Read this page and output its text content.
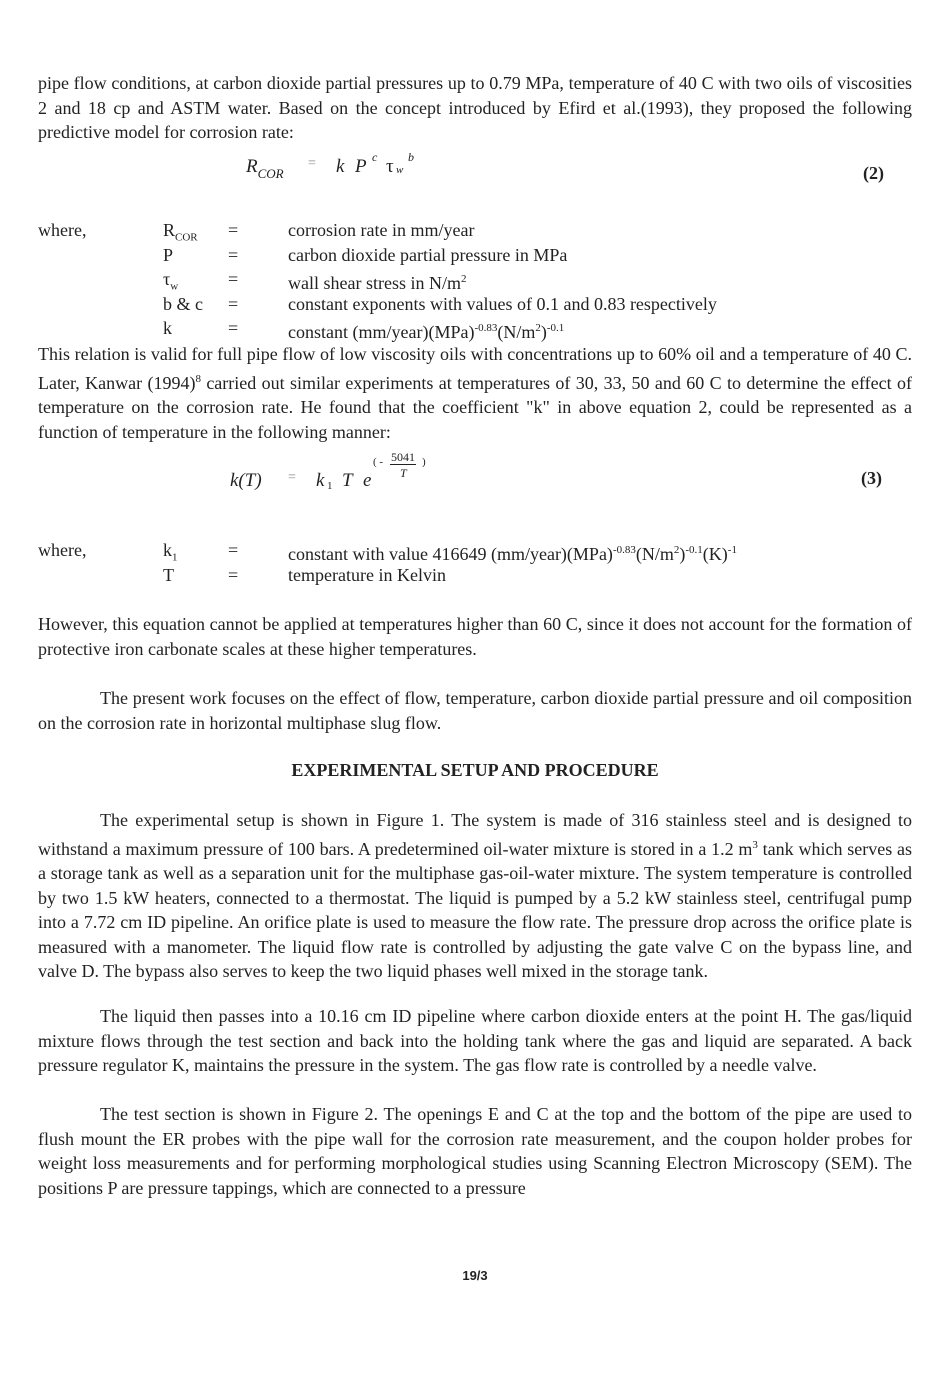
pipe flow conditions, at carbon dioxide partial pressures up to 0.79 MPa, temperature of 40 C with two oils of viscosities 2 and 18 cp and ASTM water. Based on the concept introduced by Efird et al.(1993), they proposed the following predictive model for corrosion rate:

$R_{COR}$
= k P c τ w
b
(2)
where,	$R_{COR}$ =	corrosion rate in mm/year
P	=	carbon dioxide partial pressure in MPa
$\tau_w$	=	wall shear stress in $N/m^2$
b & c =	constant exponents with values of 0.1 and 0.83 respectively
k	=	constant $(mm/year)(MPa)^{-0.83}(N/m^2)^{-0.1}$

This relation is valid for full pipe flow of low viscosity oils with concentrations up to 60% oil and a temperature of 40 C. Later, Kanwar $(1994)^8$ carried out similar experiments at temperatures of 30, 33, 50 and 60 C to determine the effect of temperature on the corrosion rate. He found that the coefficient "k" in above equation 2, could be represented as a function of temperature in the following manner:

k(T) = k 1 T e
( - 5041 )
T	(3)
where,	$k_1$	=	constant with value 416649 $(mm/year)(MPa)^{-0.83}(N/m^2)^{-0.1}(K)^{-1}$
T	=	temperature in Kelvin

However, this equation cannot be applied at temperatures higher than 60 C, since it does not account for the formation of protective iron carbonate scales at these higher temperatures.

The present work focuses on the effect of flow, temperature, carbon dioxide partial pressure and oil composition on the corrosion rate in horizontal multiphase slug flow.

EXPERIMENTAL SETUP AND PROCEDURE

The experimental setup is shown in Figure 1. The system is made of 316 stainless steel and is designed to withstand a maximum pressure of 100 bars. A predetermined oil-water mixture is stored in a 1.2 $m^3$ tank which serves as a storage tank as well as a separation unit for the multiphase gas-oil-water mixture. The system temperature is controlled by two 1.5 kW heaters, connected to a thermostat. The liquid is pumped by a 5.2 kW stainless steel, centrifugal pump into a 7.72 cm ID pipeline. An orifice plate is used to measure the flow rate. The pressure drop across the orifice plate is measured with a manometer. The liquid flow rate is controlled by adjusting the gate valve C on the bypass line, and valve D. The bypass also serves to keep the two liquid phases well mixed in the storage tank.

The liquid then passes into a 10.16 cm ID pipeline where carbon dioxide enters at the point H. The gas/liquid mixture flows through the test section and back into the holding tank where the gas and liquid are separated. A back pressure regulator K, maintains the pressure in the system. The gas flow rate is controlled by a needle valve.

The test section is shown in Figure 2. The openings E and C at the top and the bottom of the pipe are used to flush mount the ER probes with the pipe wall for the corrosion rate measurement, and the coupon holder probes for weight loss measurements and for performing morphological studies using Scanning Electron Microscopy (SEM). The positions P are pressure tappings, which are connected to a pressure

19/3
